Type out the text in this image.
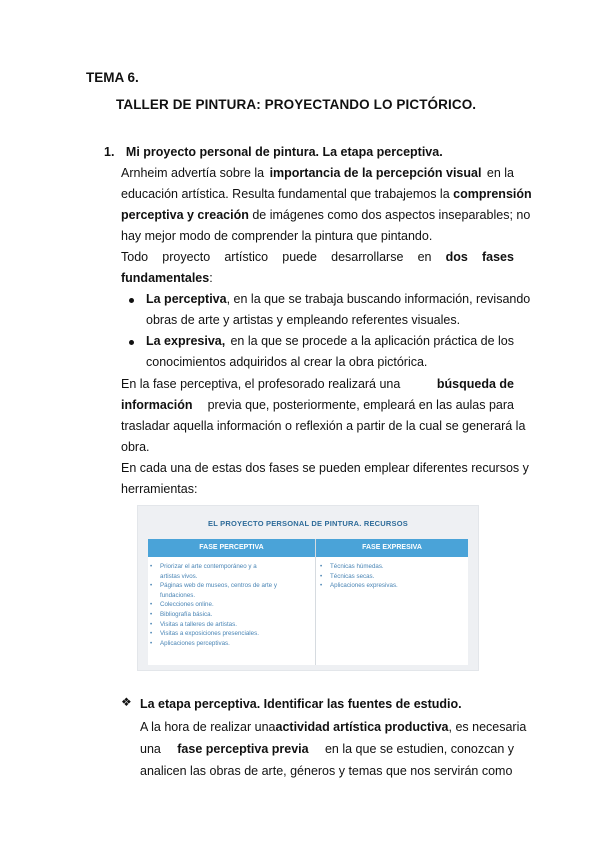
TEMA 6.
TALLER DE PINTURA: PROYECTANDO LO PICTÓRICO.
1. Mi proyecto personal de pintura. La etapa perceptiva.
Arnheim advertía sobre la importancia de la percepción visual en la
educación artística. Resulta fundamental que trabajemos la comprensión
perceptiva y creación de imágenes como dos aspectos inseparables; no
hay mejor modo de comprender la pintura que pintando.
Todo proyecto artístico puede desarrollarse en dos fases
fundamentales:
La perceptiva, en la que se trabaja buscando información, revisando
obras de arte y artistas y empleando referentes visuales.
La expresiva, en la que se procede a la aplicación práctica de los
conocimientos adquiridos al crear la obra pictórica.
En la fase perceptiva, el profesorado realizará una	búsqueda de
información previa que, posteriormente, empleará en las aulas para
trasladar aquella información o reflexión a partir de la cual se generará la
obra.
En cada una de estas dos fases se pueden emplear diferentes recursos y
herramientas:
EL PROYECTO PERSONAL DE PINTURA. RECURSOS
FASE PERCEPTIVA	FASE EXPRESIVA
• Priorizar el arte contemporáneo y a
artistas vivos.
• Páginas web de museos, centros de arte y
fundaciones.
• Colecciones online.
• Bibliografía básica.
• Visitas a talleres de artistas.
• Visitas a exposiciones presenciales.
• Aplicaciones perceptivas.
• Técnicas húmedas.
• Técnicas secas.
• Aplicaciones expresivas.
❖ La etapa perceptiva. Identificar las fuentes de estudio.
A la hora de realizar una actividad artística productiva, es necesaria
una fase perceptiva previa en la que se estudien, conozcan y
analicen las obras de arte, géneros y temas que nos servirán como
